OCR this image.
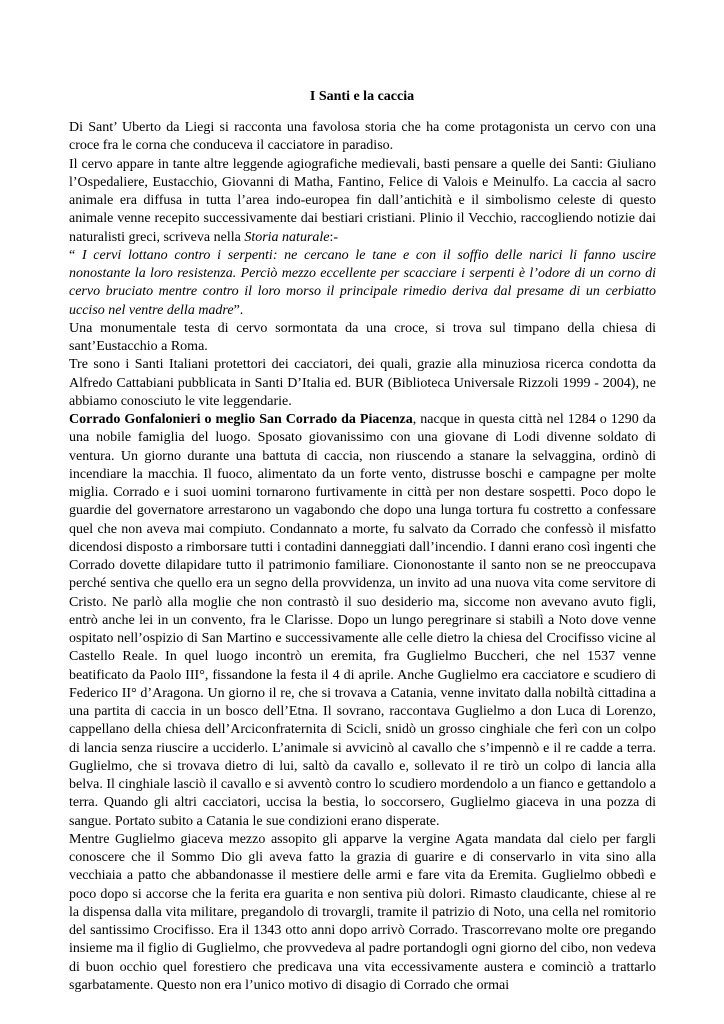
I Santi e la caccia

Di Sant’ Uberto da Liegi si racconta una favolosa storia che ha come protagonista un cervo con una croce fra le corna che conduceva il cacciatore in paradiso.

Il cervo appare in tante altre leggende agiografiche medievali, basti pensare a quelle dei Santi: Giuliano l’Ospedaliere, Eustacchio, Giovanni di Matha, Fantino, Felice di Valois e Meinulfo. La caccia al sacro animale era diffusa in tutta l’area indo-europea fin dall’antichità e il simbolismo celeste di questo animale venne recepito successivamente dai bestiari cristiani. Plinio il Vecchio, raccogliendo notizie dai naturalisti greci, scriveva nella Storia naturale:-

“ I cervi lottano contro i serpenti: ne cercano le tane e con il soffio delle narici li fanno uscire nonostante la loro resistenza. Perciò mezzo eccellente per scacciare i serpenti è l’odore di un corno di cervo bruciato mentre contro il loro morso il principale rimedio deriva dal presame di un cerbiatto ucciso nel ventre della madre”.

Una monumentale testa di cervo sormontata da una croce, si trova sul timpano della chiesa di sant’Eustacchio a Roma.

Tre sono i Santi Italiani protettori dei cacciatori, dei quali, grazie alla minuziosa ricerca condotta da Alfredo Cattabiani pubblicata in Santi D’Italia ed. BUR (Biblioteca Universale Rizzoli 1999 - 2004), ne abbiamo conosciuto le vite leggendarie.

Corrado Gonfalonieri o meglio San Corrado da Piacenza, nacque in questa città nel 1284 o 1290 da una nobile famiglia del luogo. Sposato giovanissimo con una giovane di Lodi divenne soldato di ventura. Un giorno durante una battuta di caccia, non riuscendo a stanare la selvaggina, ordinò di incendiare la macchia. Il fuoco, alimentato da un forte vento, distrusse boschi e campagne per molte miglia. Corrado e i suoi uomini tornarono furtivamente in città per non destare sospetti. Poco dopo le guardie del governatore arrestarono un vagabondo che dopo una lunga tortura fu costretto a confessare quel che non aveva mai compiuto. Condannato a morte, fu salvato da Corrado che confessò il misfatto dicendosi disposto a rimborsare tutti i contadini danneggiati dall’incendio. I danni erano così ingenti che Corrado dovette dilapidare tutto il patrimonio familiare. Ciononostante il santo non se ne preoccupava perché sentiva che quello era un segno della provvidenza, un invito ad una nuova vita come servitore di Cristo. Ne parlò alla moglie che non contrastò il suo desiderio ma, siccome non avevano avuto figli, entrò anche lei in un convento, fra le Clarisse. Dopo un lungo peregrinare si stabilì a Noto dove venne ospitato nell’ospizio di San Martino e successivamente alle celle dietro la chiesa del Crocifisso vicine al Castello Reale. In quel luogo incontrò un eremita, fra Guglielmo Buccheri, che nel 1537 venne beatificato da Paolo III°, fissandone la festa il 4 di aprile. Anche Guglielmo era cacciatore e scudiero di Federico II° d’Aragona. Un giorno il re, che si trovava a Catania, venne invitato dalla nobiltà cittadina a una partita di caccia in un bosco dell’Etna. Il sovrano, raccontava Guglielmo a don Luca di Lorenzo, cappellano della chiesa dell’Arciconfraternita di Scicli, snidò un grosso cinghiale che ferì con un colpo di lancia senza riuscire a ucciderlo. L’animale si avvicinò al cavallo che s’impennò e il re cadde a terra. Guglielmo, che si trovava dietro di lui, saltò da cavallo e, sollevato il re tirò un colpo di lancia alla belva. Il cinghiale lasciò il cavallo e si avventò contro lo scudiero mordendolo a un fianco e gettandolo a terra. Quando gli altri cacciatori, uccisa la bestia, lo soccorsero, Guglielmo giaceva in una pozza di sangue. Portato subito a Catania le sue condizioni erano disperate.

Mentre Guglielmo giaceva mezzo assopito gli apparve la vergine Agata mandata dal cielo per fargli conoscere che il Sommo Dio gli aveva fatto la grazia di guarire e di conservarlo in vita sino alla vecchiaia a patto che abbandonasse il mestiere delle armi e fare vita da Eremita. Guglielmo obbedì e poco dopo si accorse che la ferita era guarita e non sentiva più dolori. Rimasto claudicante, chiese al re la dispensa dalla vita militare, pregandolo di trovargli, tramite il patrizio di Noto, una cella nel romitorio del santissimo Crocifisso. Era il 1343 otto anni dopo arrivò Corrado. Trascorrevano molte ore pregando insieme ma il figlio di Guglielmo, che provvedeva al padre portandogli ogni giorno del cibo, non vedeva di buon occhio quel forestiero che predicava una vita eccessivamente austera e cominciò a trattarlo sgarbatamente. Questo non era l’unico motivo di disagio di Corrado che ormai
